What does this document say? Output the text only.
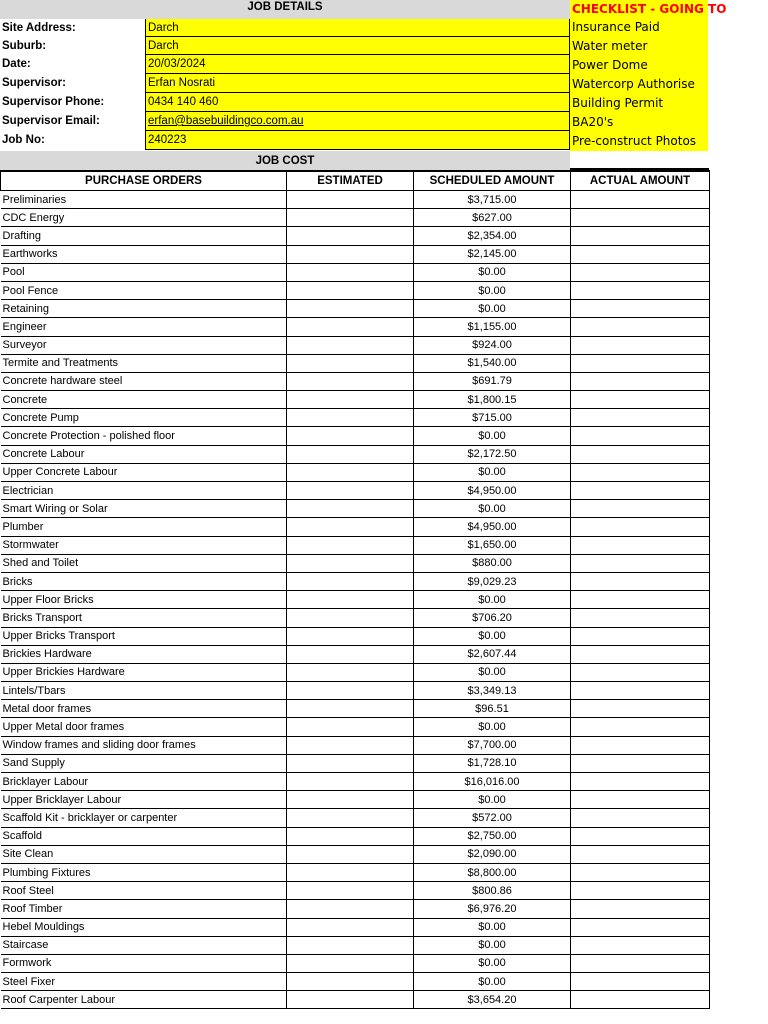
JOB DETAILS
Site Address:	Darch
Suburb:	Darch
Date:	20/03/2024
Supervisor:	Erfan Nosrati
Supervisor Phone:	0434 140 460
Supervisor Email:	erfan@basebuildingco.com.au
Job No:	240223
CHECKLIST - GOING TO
Insurance Paid
Water meter
Power Dome
Watercorp Authorise
Building Permit
BA20's
Pre-construct Photos
JOB COST
PURCHASE ORDERS	ESTIMATED	SCHEDULED AMOUNT	ACTUAL AMOUNT
Preliminaries		$3,715.00	
CDC Energy		$627.00	
Drafting		$2,354.00	
Earthworks		$2,145.00	
Pool		$0.00	
Pool Fence		$0.00	
Retaining		$0.00	
Engineer		$1,155.00	
Surveyor		$924.00	
Termite and Treatments		$1,540.00	
Concrete hardware steel		$691.79	
Concrete		$1,800.15	
Concrete Pump		$715.00	
Concrete Protection - polished floor		$0.00	
Concrete Labour		$2,172.50	
Upper Concrete Labour		$0.00	
Electrician		$4,950.00	
Smart Wiring or Solar		$0.00	
Plumber		$4,950.00	
Stormwater		$1,650.00	
Shed and Toilet		$880.00	
Bricks		$9,029.23	
Upper Floor Bricks		$0.00	
Bricks Transport		$706.20	
Upper Bricks Transport		$0.00	
Brickies Hardware		$2,607.44	
Upper Brickies Hardware		$0.00	
Lintels/Tbars		$3,349.13	
Metal door frames		$96.51	
Upper Metal door frames		$0.00	
Window frames and sliding door frames		$7,700.00	
Sand Supply		$1,728.10	
Bricklayer Labour		$16,016.00	
Upper Bricklayer Labour		$0.00	
Scaffold Kit - bricklayer or carpenter		$572.00	
Scaffold		$2,750.00	
Site Clean		$2,090.00	
Plumbing Fixtures		$8,800.00	
Roof Steel		$800.86	
Roof Timber		$6,976.20	
Hebel Mouldings		$0.00	
Staircase		$0.00	
Formwork		$0.00	
Steel Fixer		$0.00	
Roof Carpenter Labour		$3,654.20	
